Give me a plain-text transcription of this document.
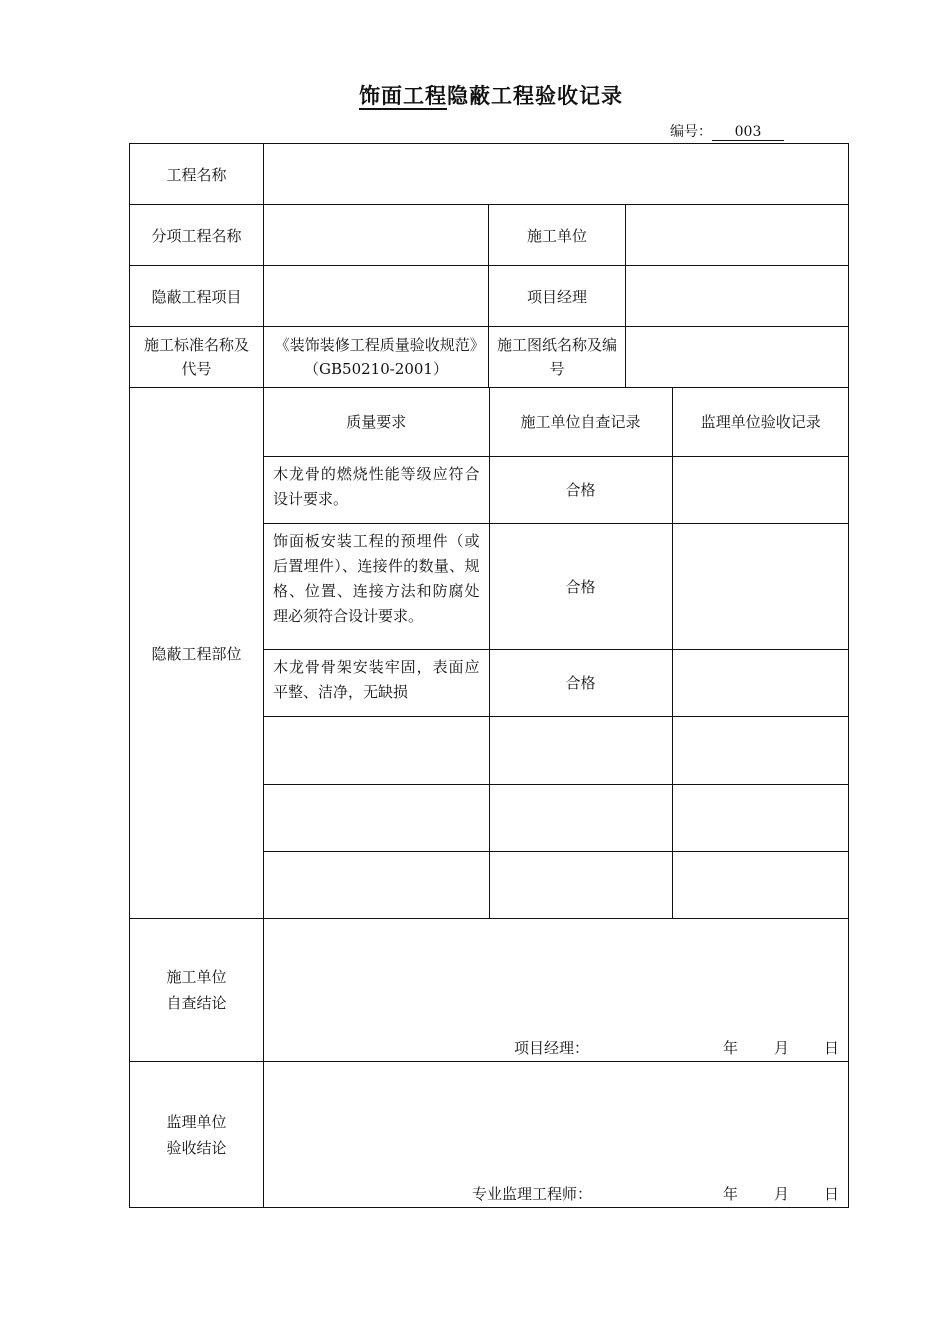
饰面工程隐蔽工程验收记录
编号： 003
工程名称	
分项工程名称		施工单位	
隐蔽工程项目		项目经理	
施工标准名称及代号	《装饰装修工程质量验收规范》（GB50210-2001）	施工图纸名称及编号	
隐蔽工程部位	
质量要求	施工单位自查记录	监理单位验收记录
木龙骨的燃烧性能等级应符合设计要求。	合格	
饰面板安装工程的预埋件（或后置埋件）、连接件的数量、规格、位置、连接方法和防腐处理必须符合设计要求。	合格	
木龙骨骨架安装牢固，表面应平整、洁净，无缺损	合格	

施工单位
自查结论

项目经理：	年 月 日

监理单位
验收结论

专业监理工程师：	年 月 日
